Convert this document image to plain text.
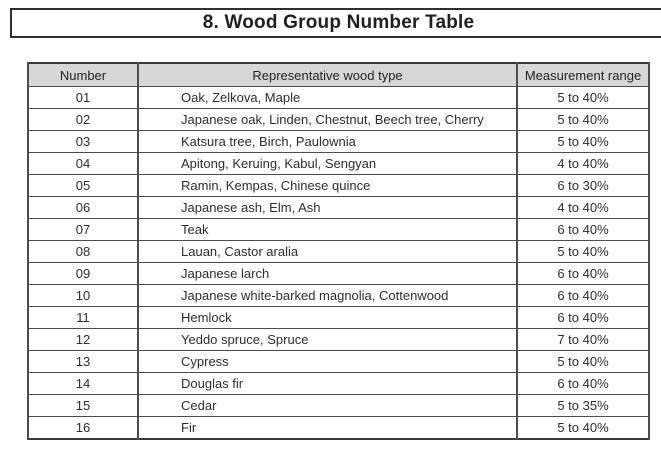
8. Wood Group Number Table
Number	Representative wood type	Measurement range
01	Oak, Zelkova, Maple	5 to 40%
02	Japanese oak, Linden, Chestnut, Beech tree, Cherry	5 to 40%
03	Katsura tree, Birch, Paulownia	5 to 40%
04	Apitong, Keruing, Kabul, Sengyan	4 to 40%
05	Ramin, Kempas, Chinese quince	6 to 30%
06	Japanese ash, Elm, Ash	4 to 40%
07	Teak	6 to 40%
08	Lauan, Castor aralia	5 to 40%
09	Japanese larch	6 to 40%
10	Japanese white-barked magnolia, Cottenwood	6 to 40%
11	Hemlock	6 to 40%
12	Yeddo spruce, Spruce	7 to 40%
13	Cypress	5 to 40%
14	Douglas fir	6 to 40%
15	Cedar	5 to 35%
16	Fir	5 to 40%
